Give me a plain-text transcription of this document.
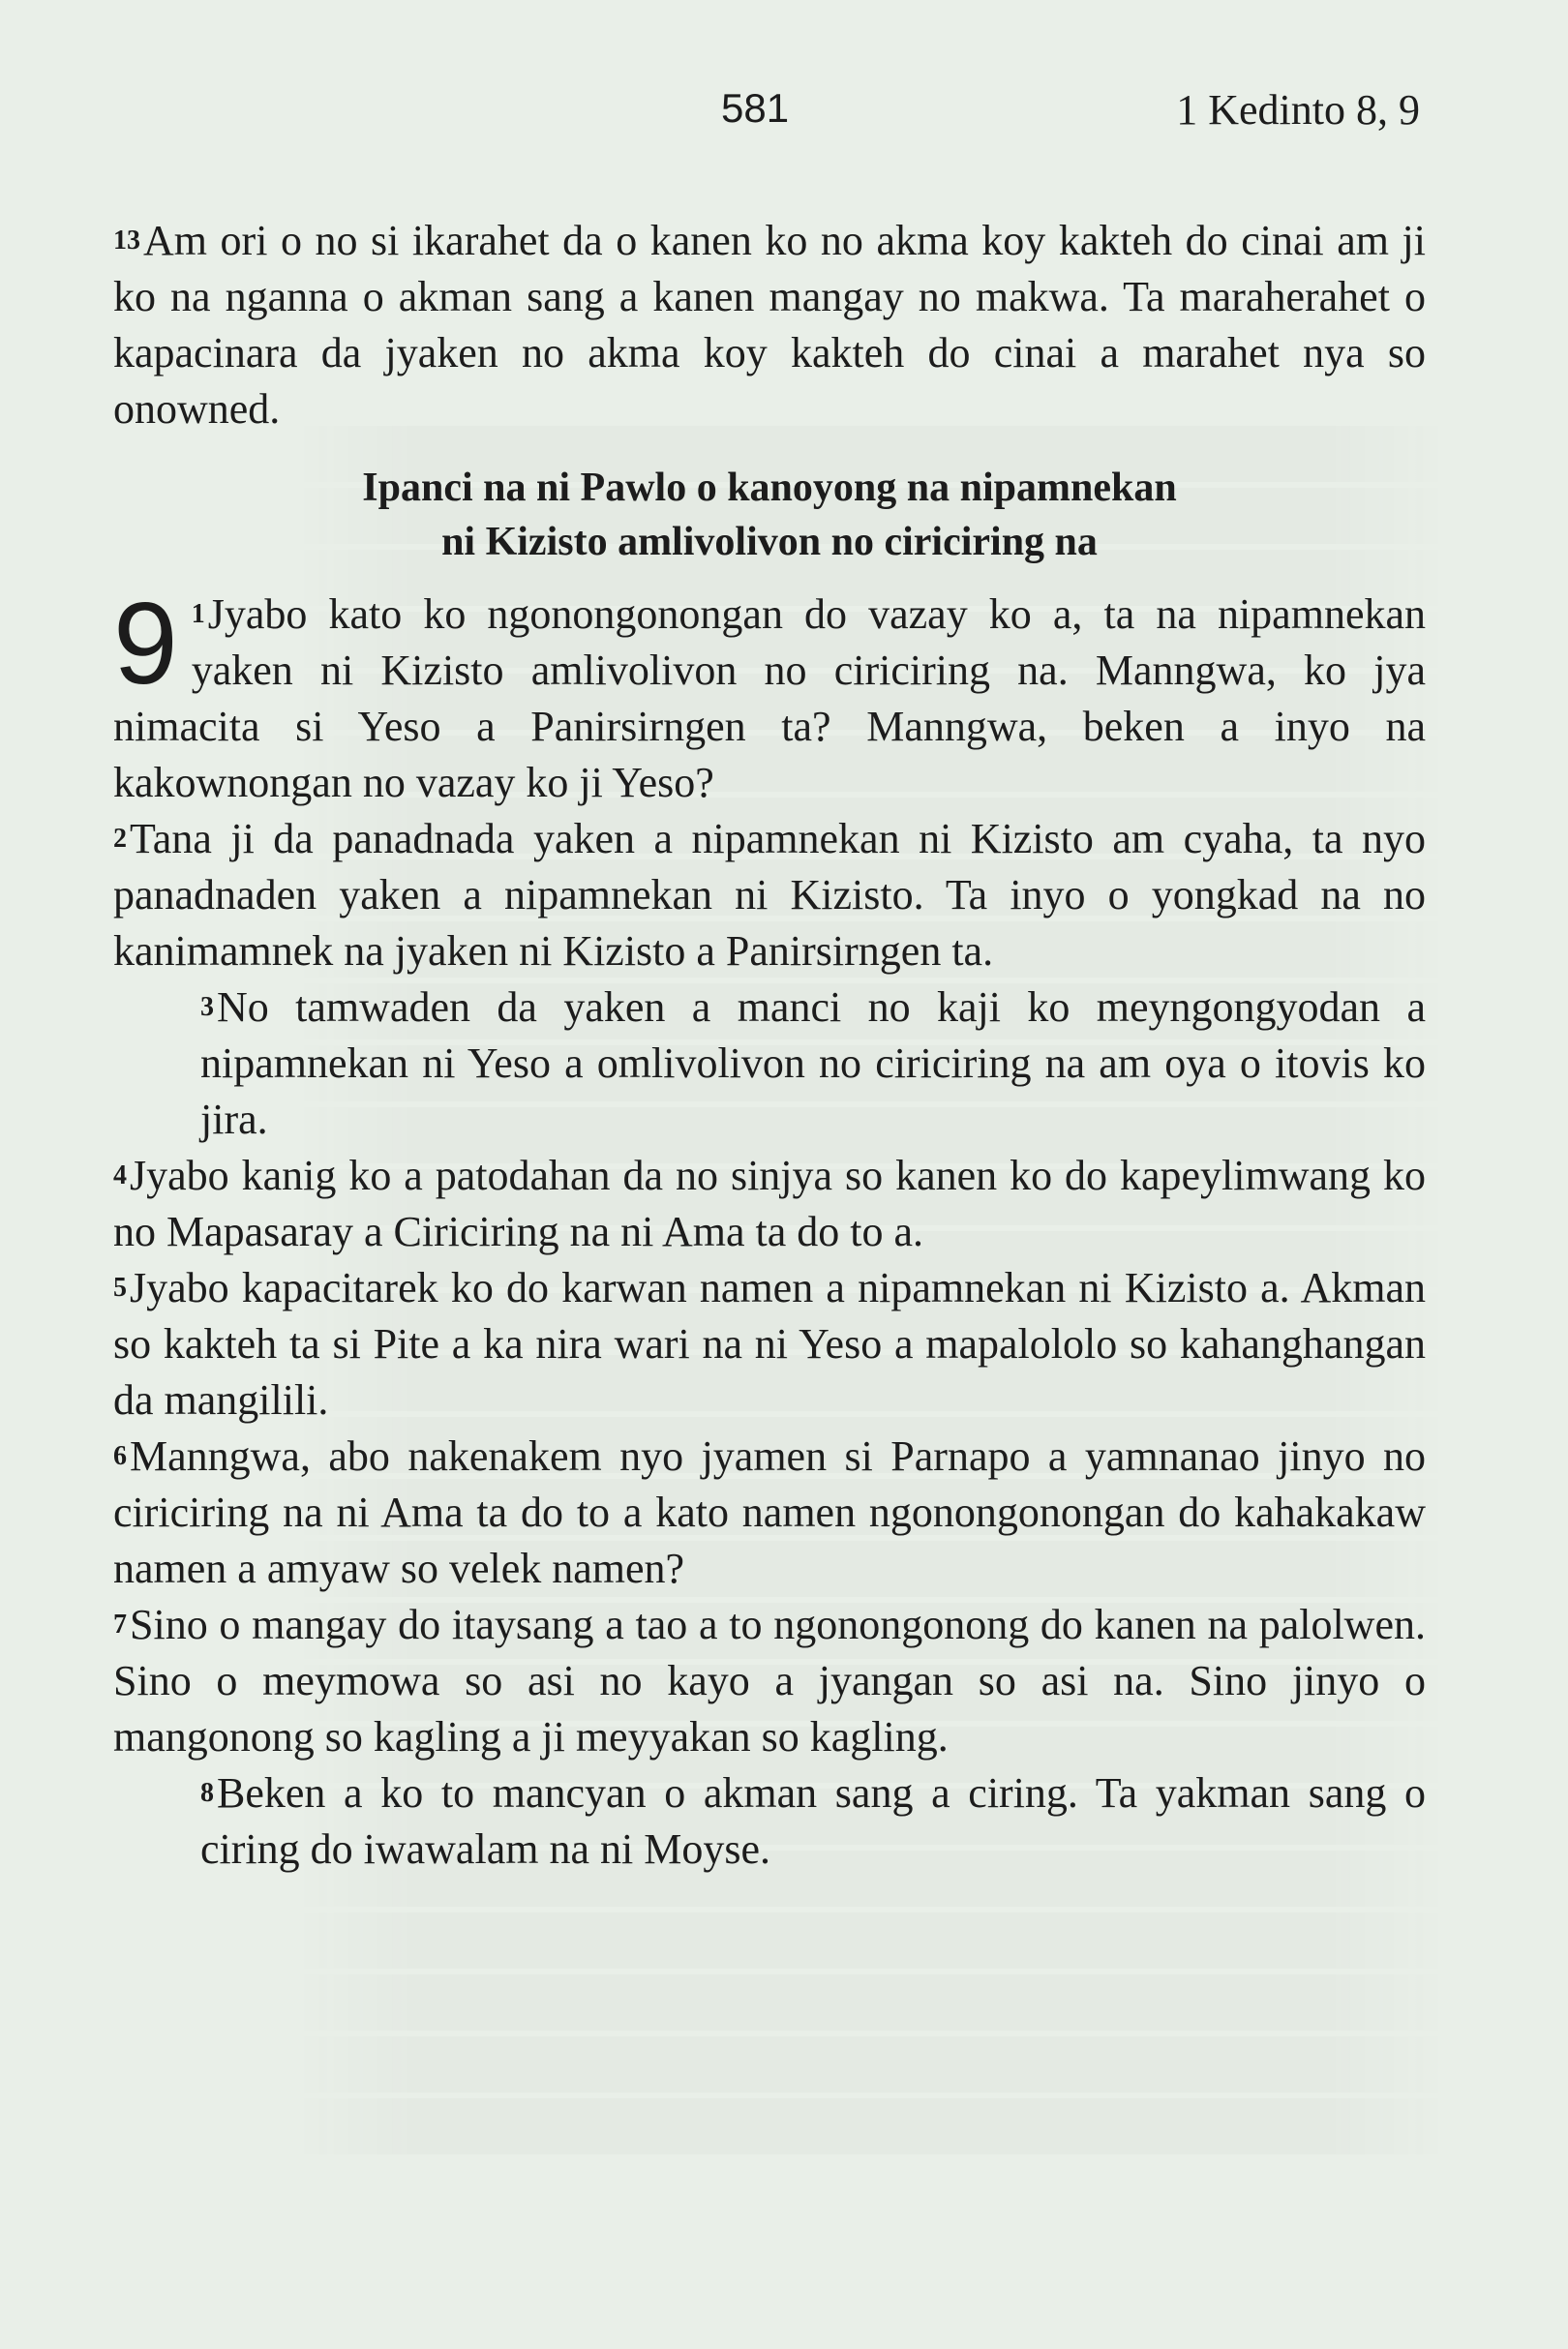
581	1 Kedinto 8, 9

13Am ori o no si ikarahet da o kanen ko no akma koy kakteh do cinai am ji ko na nganna o akman sang a kanen mangay no makwa. Ta maraherahet o kapacinara da jyaken no akma koy kakteh do cinai a marahet nya so onowned.

Ipanci na ni Pawlo o kanoyong na nipamnekan
ni Kizisto amlivolivon no ciriciring na
9 1Jyabo kato ko ngonongonongan do vazay ko a, ta na nipamnekan yaken ni Kizisto amlivolivon no ciriciring na. Manngwa, ko jya nimacita si Yeso a Panirsirngen ta? Manngwa, beken a inyo na kakownongan no vazay ko ji Yeso?

2Tana ji da panadnada yaken a nipamnekan ni Kizisto am cyaha, ta nyo panadnaden yaken a nipamnekan ni Kizisto. Ta inyo o yongkad na no kanimamnek na jyaken ni Kizisto a Panirsirngen ta.

3No tamwaden da yaken a manci no kaji ko meyngongyodan a nipamnekan ni Yeso a omlivolivon no ciriciring na am oya o itovis ko jira.

4Jyabo kanig ko a patodahan da no sinjya so kanen ko do kapeylimwang ko no Mapasaray a Ciriciring na ni Ama ta do to a.

5Jyabo kapacitarek ko do karwan namen a nipamnekan ni Kizisto a. Akman so kakteh ta si Pite a ka nira wari na ni Yeso a mapalololo so kahanghangan da mangilili.

6Manngwa, abo nakenakem nyo jyamen si Parnapo a yamnanao jinyo no ciriciring na ni Ama ta do to a kato namen ngonongonongan do kahakakaw namen a amyaw so velek namen?

7Sino o mangay do itaysang a tao a to ngonongonong do kanen na palolwen. Sino o meymowa so asi no kayo a jyangan so asi na. Sino jinyo o mangonong so kagling a ji meyyakan so kagling.

8Beken a ko to mancyan o akman sang a ciring. Ta yakman sang o ciring do iwawalam na ni Moyse.
